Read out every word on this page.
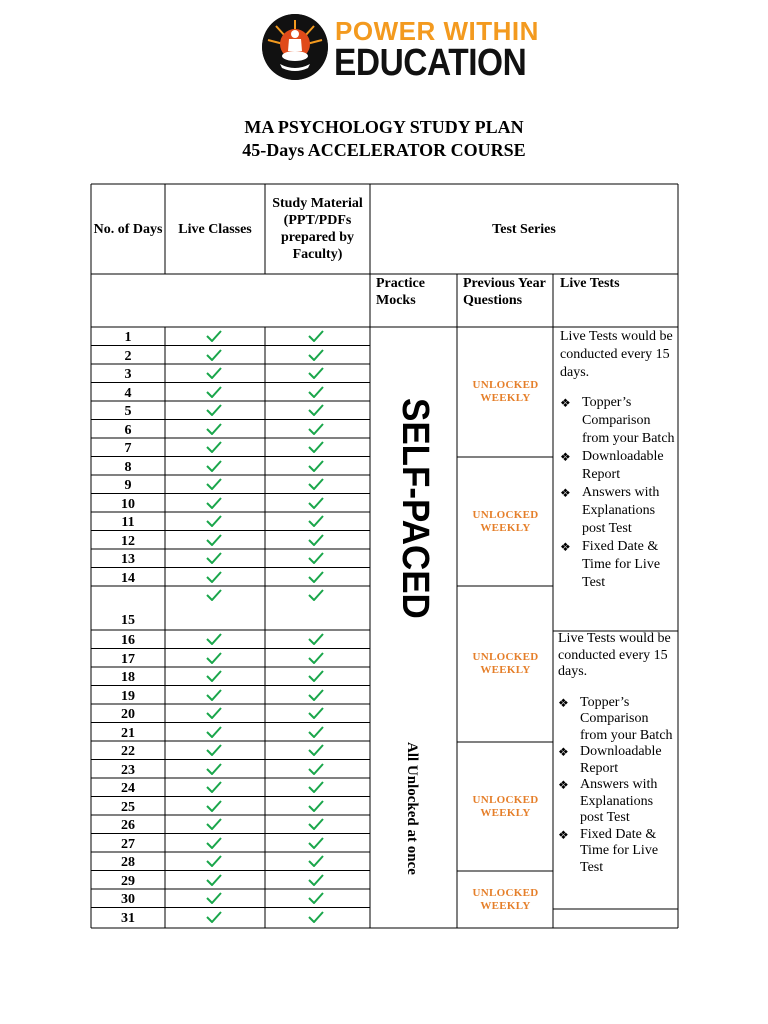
POWER WITHIN
EDUCATION
MA PSYCHOLOGY STUDY PLAN
45-Days ACCELERATOR COURSE
No. of Days	Live Classes
Study Material (PPT/PDFs prepared by Faculty)
Test Series
Practice Mocks
Previous Year Questions
Live Tests
1
2
3
4
5
6
7
8
9
10
11
12
13
14
15
16
17
18
19
20
21
22
23
24
25
26
27
28
29
30
31
SELF-PACED
All Unlocked at once
UNLOCKED
WEEKLY
UNLOCKED
WEEKLY
UNLOCKED
WEEKLY
UNLOCKED
WEEKLY
UNLOCKED
WEEKLY
Live Tests would be conducted every 15 days.
❖ Topper’s Comparison from your Batch
❖ Downloadable Report
❖ Answers with Explanations post Test
❖ Fixed Date & Time for Live Test
Live Tests would be conducted every 15 days.
❖ Topper’s Comparison from your Batch
❖ Downloadable Report
❖ Answers with Explanations post Test
❖ Fixed Date & Time for Live Test
